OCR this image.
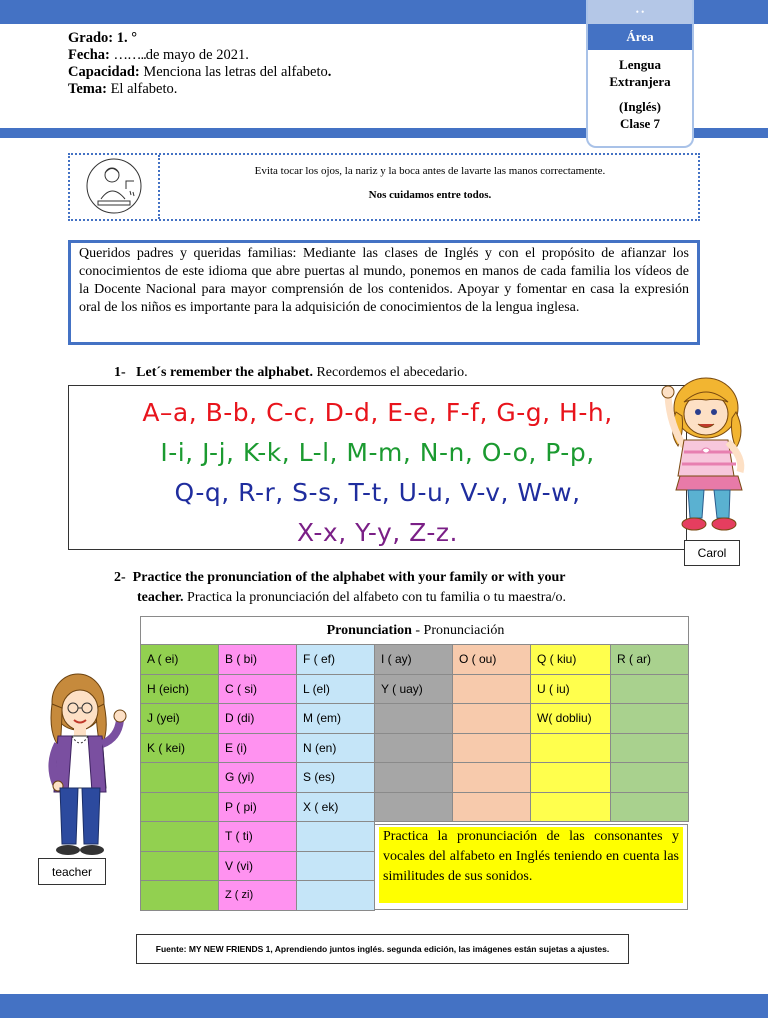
Grado: 1. °
Fecha: ……..de mayo de 2021.
Capacidad: Menciona las letras del alfabeto.
Tema: El alfabeto.
• •
Área
Lengua
Extranjera
(Inglés)
Clase 7
Evita tocar los ojos, la nariz y la boca antes de lavarte las manos correctamente.
Nos cuidamos entre todos.
Queridos padres y queridas familias: Mediante las clases de Inglés y con el propósito de afianzar los conocimientos de este idioma que abre puertas al mundo, ponemos en manos de cada familia los vídeos de la Docente Nacional para mayor comprensión de los contenidos. Apoyar y fomentar en casa la expresión oral de los niños es importante para la adquisición de conocimientos de la lengua inglesa.
1- Let´s remember the alphabet. Recordemos el abecedario.
A–a, B-b, C-c, D-d, E-e, F-f, G-g, H-h,
I-i, J-j, K-k, L-l, M-m, N-n, O-o, P-p,
Q-q, R-r, S-s, T-t, U-u, V-v, W-w,
X-x, Y-y, Z-z.
Carol
2- Practice the pronunciation of the alphabet with your family or with your
teacher. Practica la pronunciación del alfabeto con tu familia o tu maestra/o.
teacher
Pronunciation - Pronunciación						
A ( ei)	B ( bi)	F ( ef)	I ( ay)	O ( ou)	Q ( kiu)	R ( ar)
H (eich)	C ( si)	L (el)	Y ( uay)		U ( iu)	
J (yei)	D (di)	M (em)			W( dobliu)	
K ( kei)	E (i)	N (en)				
	G (yi)	S (es)				
	P ( pi)	X ( ek)				
	T ( ti)					
	V (vi)					
	Z ( zi)					
Practica la pronunciación de las consonantes y vocales del alfabeto en Inglés teniendo en cuenta las similitudes de sus sonidos.
Fuente: MY NEW FRIENDS 1, Aprendiendo juntos inglés. segunda edición, las imágenes están sujetas a ajustes.
